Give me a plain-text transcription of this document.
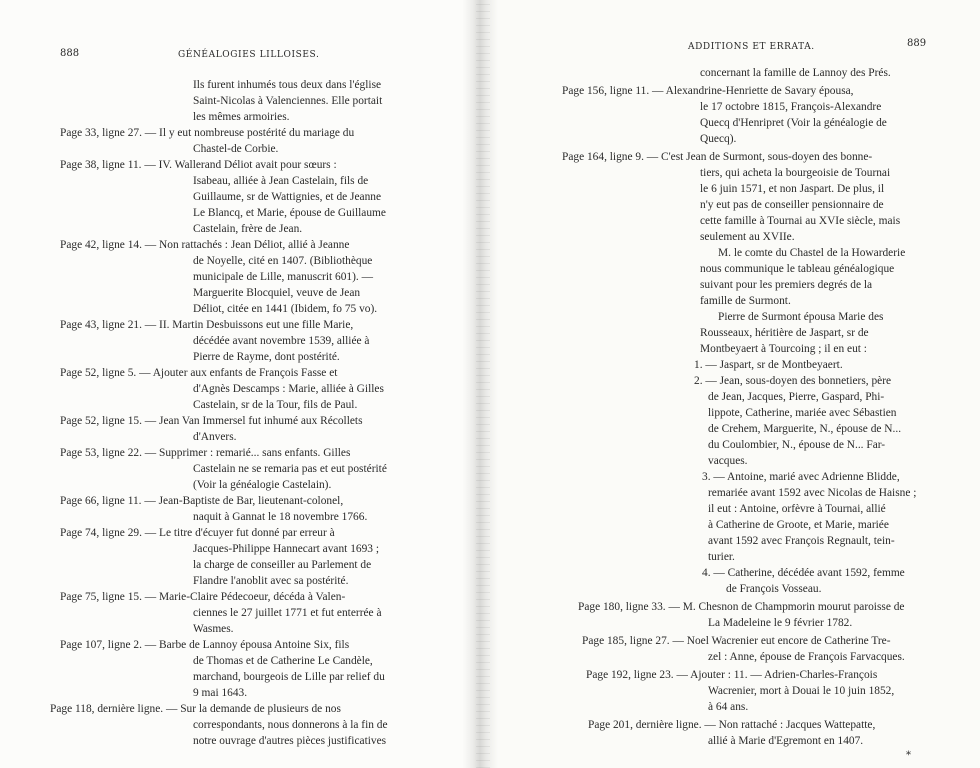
888	GÉNÉALOGIES LILLOISES.
Ils furent inhumés tous deux dans l'église
Saint-Nicolas à Valenciennes. Elle portait
les mêmes armoiries.
Page 33, ligne 27. — Il y eut nombreuse postérité du mariage du
Chastel-de Corbie.
Page 38, ligne 11. — IV. Wallerand Déliot avait pour sœurs :
Isabeau, alliée à Jean Castelain, fils de
Guillaume, sr de Wattignies, et de Jeanne
Le Blancq, et Marie, épouse de Guillaume
Castelain, frère de Jean.
Page 42, ligne 14. — Non rattachés : Jean Déliot, allié à Jeanne
de Noyelle, cité en 1407. (Bibliothèque
municipale de Lille, manuscrit 601). —
Marguerite Blocquiel, veuve de Jean
Déliot, citée en 1441 (Ibidem, fo 75 vo).
Page 43, ligne 21. — II. Martin Desbuissons eut une fille Marie,
décédée avant novembre 1539, alliée à
Pierre de Rayme, dont postérité.
Page 52, ligne 5. — Ajouter aux enfants de François Fasse et
d'Agnès Descamps : Marie, alliée à Gilles
Castelain, sr de la Tour, fils de Paul.
Page 52, ligne 15. — Jean Van Immersel fut inhumé aux Récollets
d'Anvers.
Page 53, ligne 22. — Supprimer : remarié... sans enfants. Gilles
Castelain ne se remaria pas et eut postérité
(Voir la généalogie Castelain).
Page 66, ligne 11. — Jean-Baptiste de Bar, lieutenant-colonel,
naquit à Gannat le 18 novembre 1766.
Page 74, ligne 29. — Le titre d'écuyer fut donné par erreur à
Jacques-Philippe Hannecart avant 1693 ;
la charge de conseiller au Parlement de
Flandre l'anoblit avec sa postérité.
Page 75, ligne 15. — Marie-Claire Pédecoeur, décéda à Valen-
ciennes le 27 juillet 1771 et fut enterrée à
Wasmes.
Page 107, ligne 2. — Barbe de Lannoy épousa Antoine Six, fils
de Thomas et de Catherine Le Candèle,
marchand, bourgeois de Lille par relief du
9 mai 1643.
Page 118, dernière ligne. — Sur la demande de plusieurs de nos
correspondants, nous donnerons à la fin de
notre ouvrage d'autres pièces justificatives
ADDITIONS ET ERRATA.	889
concernant la famille de Lannoy des Prés.
Page 156, ligne 11. — Alexandrine-Henriette de Savary épousa,
le 17 octobre 1815, François-Alexandre
Quecq d'Henripret (Voir la généalogie de
Quecq).
Page 164, ligne 9. — C'est Jean de Surmont, sous-doyen des bonne-
tiers, qui acheta la bourgeoisie de Tournai
le 6 juin 1571, et non Jaspart. De plus, il
n'y eut pas de conseiller pensionnaire de
cette famille à Tournai au XVIe siècle, mais
seulement au XVIIe.
M. le comte du Chastel de la Howarderie
nous communique le tableau généalogique
suivant pour les premiers degrés de la
famille de Surmont.
Pierre de Surmont épousa Marie des
Rousseaux, héritière de Jaspart, sr de
Montbeyaert à Tourcoing ; il en eut :
1. — Jaspart, sr de Montbeyaert.
2. — Jean, sous-doyen des bonnetiers, père
de Jean, Jacques, Pierre, Gaspard, Phi-
lippote, Catherine, mariée avec Sébastien
de Crehem, Marguerite, N., épouse de N...
du Coulombier, N., épouse de N... Far-
vacques.
3. — Antoine, marié avec Adrienne Blidde,
remariée avant 1592 avec Nicolas de Haisne ;
il eut : Antoine, orfèvre à Tournai, allié
à Catherine de Groote, et Marie, mariée
avant 1592 avec François Regnault, tein-
turier.
4. — Catherine, décédée avant 1592, femme
de François Vosseau.
Page 180, ligne 33. — M. Chesnon de Champmorin mourut paroisse de
La Madeleine le 9 février 1782.
Page 185, ligne 27. — Noel Wacrenier eut encore de Catherine Tre-
zel : Anne, épouse de François Farvacques.
Page 192, ligne 23. — Ajouter : 11. — Adrien-Charles-François
Wacrenier, mort à Douai le 10 juin 1852,
à 64 ans.
Page 201, dernière ligne. — Non rattaché : Jacques Wattepatte,
allié à Marie d'Egremont en 1407.
*
